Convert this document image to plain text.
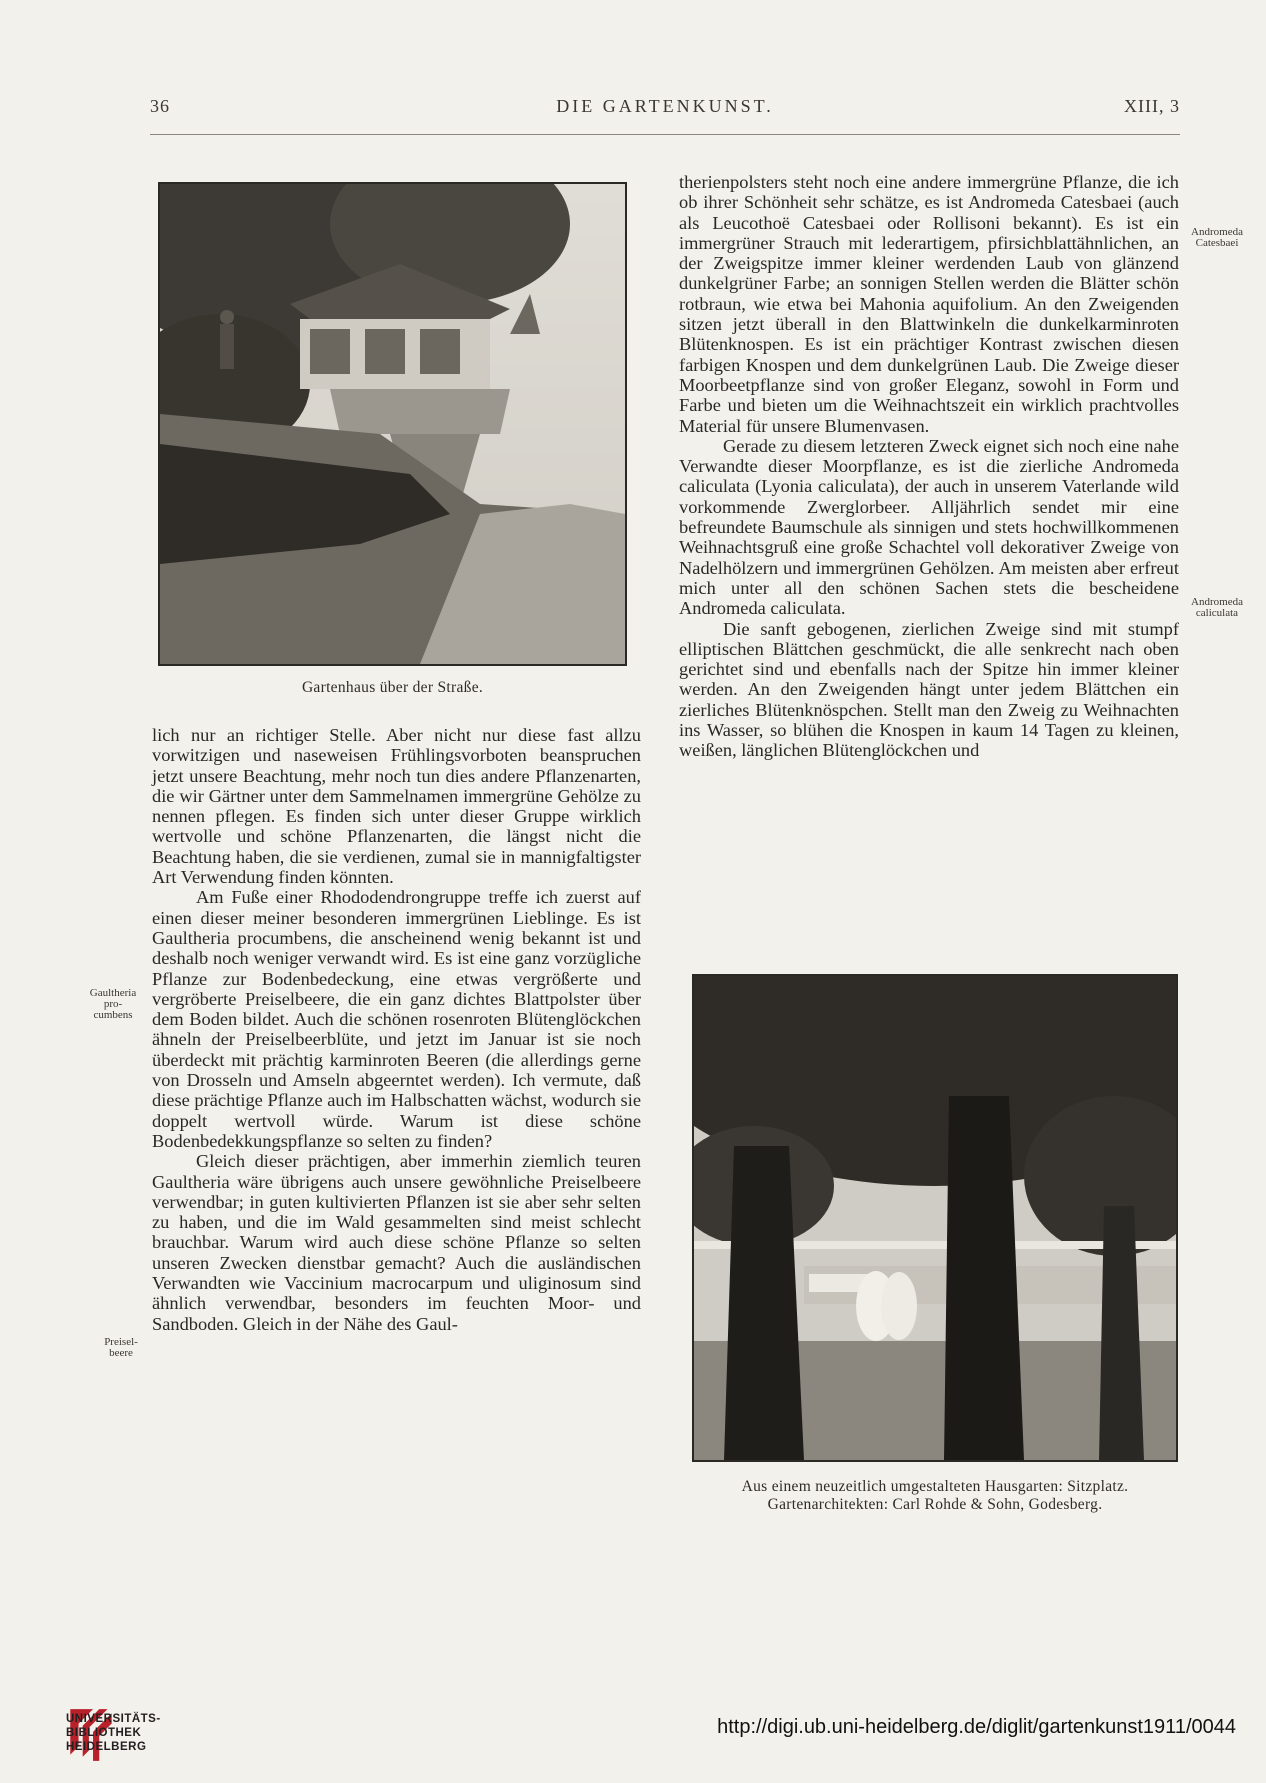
36	DIE GARTENKUNST.	XIII, 3
Gartenhaus über der Straße.

lich nur an richtiger Stelle. Aber nicht nur diese fast allzu vorwitzigen und naseweisen Frühlingsvorboten beanspruchen jetzt unsere Beachtung, mehr noch tun dies andere Pflanzenarten, die wir Gärtner unter dem Sammelnamen immergrüne Gehölze zu nennen pflegen. Es finden sich unter dieser Gruppe wirklich wertvolle und schöne Pflanzenarten, die längst nicht die Beachtung haben, die sie verdienen, zumal sie in mannigfaltigster Art Verwendung finden könnten.

Am Fuße einer Rhododendrongruppe treffe ich zuerst auf einen dieser meiner besonderen immergrünen Lieblinge. Es ist Gaultheria procumbens, die anscheinend wenig bekannt ist und deshalb noch weniger verwandt wird. Es ist eine ganz vorzügliche Pflanze zur Bodenbedeckung, eine etwas vergrößerte und vergröberte Preiselbeere, die ein ganz dichtes Blattpolster über dem Boden bildet. Auch die schönen rosenroten Blütenglöckchen ähneln der Preiselbeerblüte, und jetzt im Januar ist sie noch überdeckt mit prächtig karminroten Beeren (die allerdings gerne von Drosseln und Amseln abgeerntet werden). Ich vermute, daß diese prächtige Pflanze auch im Halbschatten wächst, wodurch sie doppelt wertvoll würde. Warum ist diese schöne Bodenbedekkungspflanze so selten zu finden?

Gleich dieser prächtigen, aber immerhin ziemlich teuren Gaultheria wäre übrigens auch unsere gewöhnliche Preiselbeere verwendbar; in guten kultivierten Pflanzen ist sie aber sehr selten zu haben, und die im Wald gesammelten sind meist schlecht brauchbar. Warum wird auch diese schöne Pflanze so selten unseren Zwecken dienstbar gemacht? Auch die ausländischen Verwandten wie Vaccinium macrocarpum und uliginosum sind ähnlich verwendbar, besonders im feuchten Moor- und Sandboden. Gleich in der Nähe des Gaul-

therienpolsters steht noch eine andere immergrüne Pflanze, die ich ob ihrer Schönheit sehr schätze, es ist Andromeda Catesbaei (auch als Leucothoë Catesbaei oder Rollisoni bekannt). Es ist ein immergrüner Strauch mit lederartigem, pfirsichblattähnlichen, an der Zweigspitze immer kleiner werdenden Laub von glänzend dunkelgrüner Farbe; an sonnigen Stellen werden die Blätter schön rotbraun, wie etwa bei Mahonia aquifolium. An den Zweigenden sitzen jetzt überall in den Blattwinkeln die dunkelkarminroten Blütenknospen. Es ist ein prächtiger Kontrast zwischen diesen farbigen Knospen und dem dunkelgrünen Laub. Die Zweige dieser Moorbeetpflanze sind von großer Eleganz, sowohl in Form und Farbe und bieten um die Weihnachtszeit ein wirklich prachtvolles Material für unsere Blumenvasen.

Gerade zu diesem letzteren Zweck eignet sich noch eine nahe Verwandte dieser Moorpflanze, es ist die zierliche Andromeda caliculata (Lyonia caliculata), der auch in unserem Vaterlande wild vorkommende Zwerglorbeer. Alljährlich sendet mir eine befreundete Baumschule als sinnigen und stets hochwillkommenen Weihnachtsgruß eine große Schachtel voll dekorativer Zweige von Nadelhölzern und immergrünen Gehölzen. Am meisten aber erfreut mich unter all den schönen Sachen stets die bescheidene Andromeda caliculata.

Die sanft gebogenen, zierlichen Zweige sind mit stumpf elliptischen Blättchen geschmückt, die alle senkrecht nach oben gerichtet sind und ebenfalls nach der Spitze hin immer kleiner werden. An den Zweigenden hängt unter jedem Blättchen ein zierliches Blütenknöspchen. Stellt man den Zweig zu Weihnachten ins Wasser, so blühen die Knospen in kaum 14 Tagen zu kleinen, weißen, länglichen Blütenglöckchen und

Gaultheria
pro-
cumbens
Preisel-
beere
Andromeda
Catesbaei
Andromeda
caliculata
Aus einem neuzeitlich umgestalteten Hausgarten: Sitzplatz.
Gartenarchitekten: Carl Rohde & Sohn, Godesberg.
UNIVERSITÄTS-
BIBLIOTHEK
HEIDELBERG
http://digi.ub.uni-heidelberg.de/diglit/gartenkunst1911/0044
